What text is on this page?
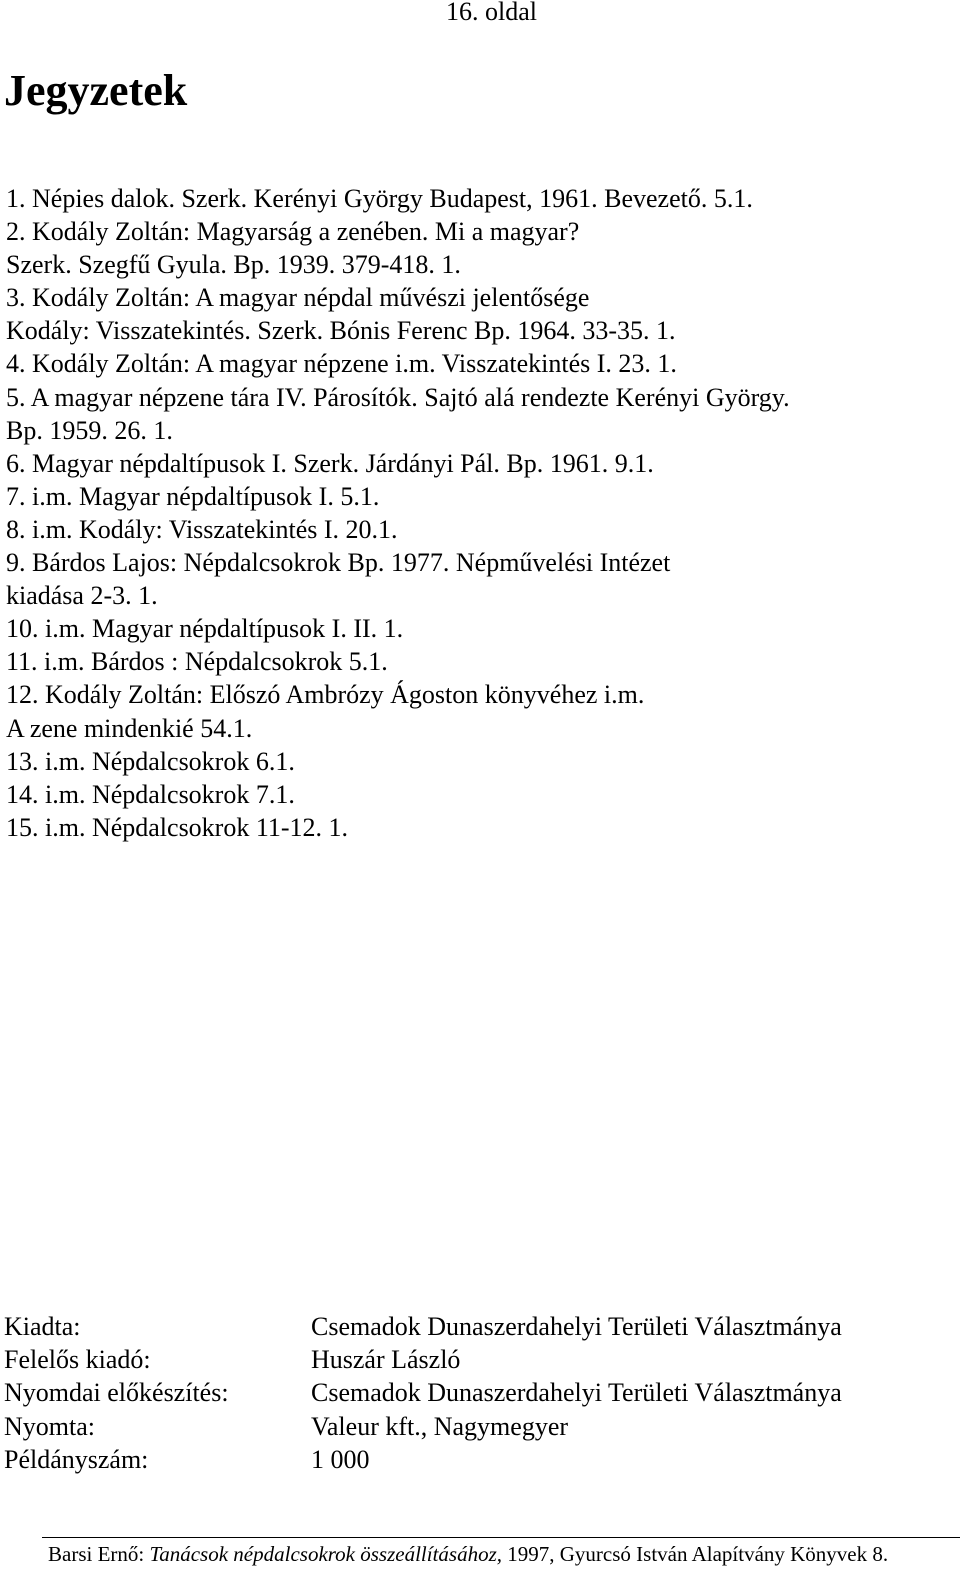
16. oldal
Jegyzetek
1. Népies dalok. Szerk. Kerényi György Budapest, 1961. Bevezető. 5.1.
2. Kodály Zoltán: Magyarság a zenében. Mi a magyar?
Szerk. Szegfű Gyula. Bp. 1939. 379-418. 1.
3. Kodály Zoltán: A magyar népdal művészi jelentősége
Kodály: Visszatekintés. Szerk. Bónis Ferenc Bp. 1964. 33-35. 1.
4. Kodály Zoltán: A magyar népzene i.m. Visszatekintés I. 23. 1.
5. A magyar népzene tára IV. Párosítók. Sajtó alá rendezte Kerényi György.
Bp. 1959. 26. 1.
6. Magyar népdaltípusok I. Szerk. Járdányi Pál. Bp. 1961. 9.1.
7. i.m. Magyar népdaltípusok I. 5.1.
8. i.m. Kodály: Visszatekintés I. 20.1.
9. Bárdos Lajos: Népdalcsokrok Bp. 1977. Népművelési Intézet
kiadása 2-3. 1.
10. i.m. Magyar népdaltípusok I. II. 1.
11. i.m. Bárdos : Népdalcsokrok 5.1.
12. Kodály Zoltán: Előszó Ambrózy Ágoston könyvéhez i.m.
A zene mindenkié 54.1.
13. i.m. Népdalcsokrok 6.1.
14. i.m. Népdalcsokrok 7.1.
15. i.m. Népdalcsokrok 11-12. 1.
Kiadta:	Csemadok Dunaszerdahelyi Területi Választmánya
Felelős kiadó:	Huszár László
Nyomdai előkészítés:	Csemadok Dunaszerdahelyi Területi Választmánya
Nyomta:	Valeur kft., Nagymegyer
Példányszám:	1 000
Barsi Ernő: Tanácsok népdalcsokrok összeállításához, 1997, Gyurcsó István Alapítvány Könyvek 8.
